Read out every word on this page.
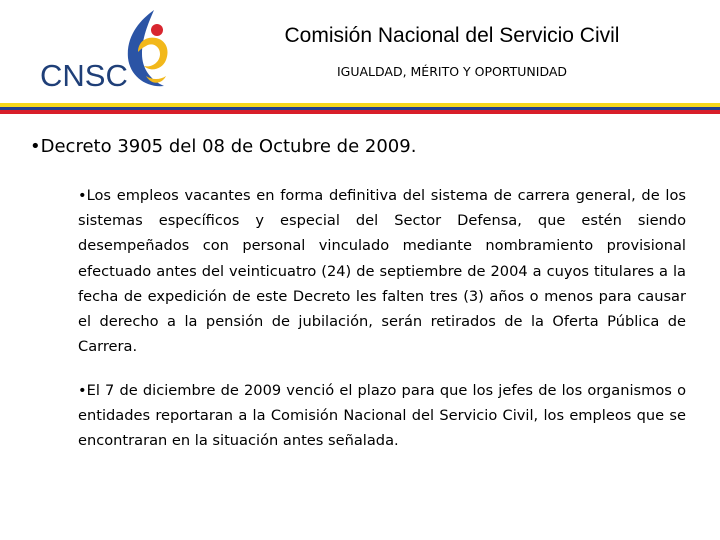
CNSC
Comisión Nacional del Servicio Civil
IGUALDAD, MÉRITO Y OPORTUNIDAD
•Decreto 3905 del 08 de Octubre de 2009.
•Los empleos vacantes en forma definitiva del sistema de carrera general, de los sistemas específicos y especial del Sector Defensa, que estén siendo desempeñados con personal vinculado mediante nombramiento provisional efectuado antes del veinticuatro (24) de septiembre de 2004 a cuyos titulares a la fecha de expedición de este Decreto les falten tres (3) años o menos para causar el derecho a la pensión de jubilación, serán retirados de la Oferta Pública de Carrera.
•El 7 de diciembre de 2009 venció el plazo para que los jefes de los organismos o entidades reportaran a la Comisión Nacional del Servicio Civil, los empleos que se encontraran en la situación antes señalada.
